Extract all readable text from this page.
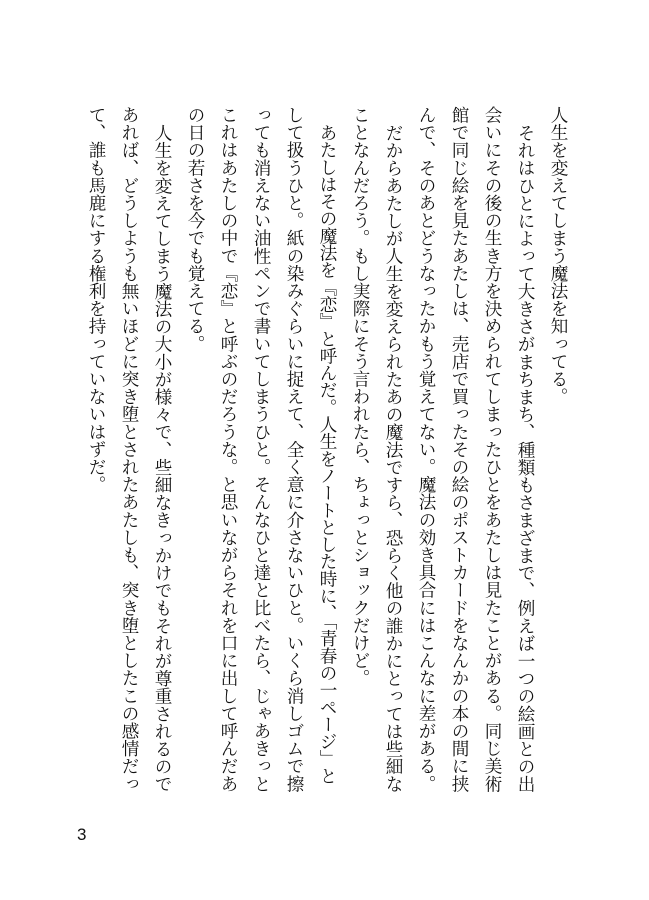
人生を変えてしまう魔法を知ってる。
それはひとによって大きさがまちまち、種類もさまざまで、例えば一つの絵画との出
会いにその後の生き方を決められてしまったひとをあたしは見たことがある。同じ美術
館で同じ絵を見たあたしは、売店で買ったその絵のポストカードをなんかの本の間に挟
んで、そのあとどうなったかもう覚えてない。魔法の効き具合にはこんなに差がある。
だからあたしが人生を変えられたあの魔法ですら、恐らく他の誰かにとっては些細な
ことなんだろう。もし実際にそう言われたら、ちょっとショックだけど。
あたしはその魔法を『恋』と呼んだ。人生をノートとした時に、「青春の一ページ」と
して扱うひと。紙の染みぐらいに捉えて、全く意に介さないひと。いくら消しゴムで擦
っても消えない油性ペンで書いてしまうひと。そんなひと達と比べたら、じゃあきっと
これはあたしの中で『恋』と呼ぶのだろうな。と思いながらそれを口に出して呼んだあ
の日の若さを今でも覚えてる。
人生を変えてしまう魔法の大小が様々で、些細なきっかけでもそれが尊重されるので
あれば、どうしようも無いほどに突き堕とされたあたしも、突き堕としたこの感情だっ
て、誰も馬鹿にする権利を持っていないはずだ。
3
